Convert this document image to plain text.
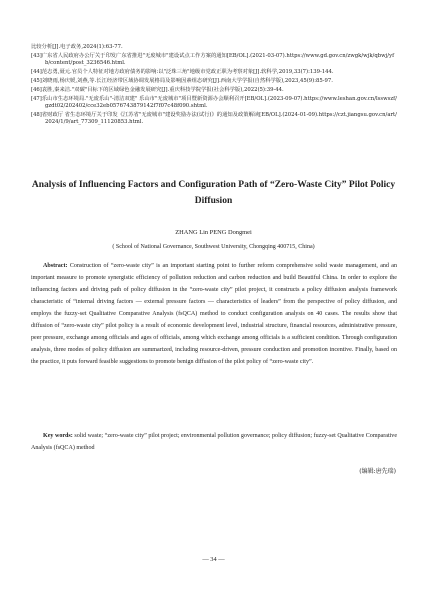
比较分析[J].电子政务,2024(1):63-77.
[43]广东省人民政府办公厅关于印发广东省推进"无废城市"建设试点工作方案的通知[EB/OL].(2021-03-07).https://www.gd.gov.cn/zwgk/wjk/qbwj/yfb/content/post_3236546.html.
[44]范志勇,聂元.官员个人特征对地方政府债务的影响:以"泛珠三角"地级市党政正职为考察对象[J].软科学,2019,33(7):139-144.
[45]刘晓雨,杨庆媛,刘燕,等.长江经济带区域协调发展格局及影响因素组态研究[J].西南大学学报(自然科学版),2023,45(9):85-97.
[46]袁胜,秦来洁."双碳"目标下的区域绿色金融发展研究[J].重庆科技学院学报(社会科学版),2022(5):39-44.
[47]乐山市生态环境局."无废乐山"-清洁双建" 乐山市"无废城市"项目暨新资源办会顺利召开[EB/OL].(2023-09-07).https://www.leshan.gov.cn/lsswszf/gzdt02/202402/cce32eb0576743879142f7f07c48f090.shtml.
[48]省财政厅 省生态环境厅关于印发《江苏省"无废城市"建设奖励办法(试行)》的通知及政策解读[EB/OL].(2024-01-09).https://czt.jiangsu.gov.cn/art/2024/1/9/art_77309_11120853.html.
Analysis of Influencing Factors and Configuration Path of “Zero-Waste City” Pilot Policy Diffusion
ZHANG Lin PENG Dongmei
( School of National Governance, Southwest University, Chongqing 400715, China)
Abstract: Construction of “zero-waste city” is an important starting point to further reform comprehensive solid waste management, and an important measure to promote synergistic efficiency of pollution reduction and carbon reduction and build Beautiful China. In order to explore the influencing factors and driving path of policy diffusion in the “zero-waste city” pilot project, it constructs a policy diffusion analysis framework characteristic of “internal driving factors — external pressure factors — characteristics of leaders” from the perspective of policy diffusion, and employs the fuzzy-set Qualitative Comparative Analysis (fsQCA) method to conduct configuration analysis on 40 cases. The results show that diffusion of “zero-waste city” pilot policy is a result of economic development level, industrial structure, financial resources, administrative pressure, peer pressure, exchange among officials and ages of officials, among which exchange among officials is a sufficient condition. Through configuration analysis, three modes of policy diffusion are summarized, including resource-driven, pressure conduction and promotion incentive. Finally, based on the practice, it puts forward feasible suggestions to promote benign diffusion of the pilot policy of “zero-waste city”.
Key words: solid waste; “zero-waste city” pilot project; environmental pollution governance; policy diffusion; fuzzy-set Qualitative Comparative Analysis (fsQCA) method
(编辑:唐先瑞)
— 34 —
